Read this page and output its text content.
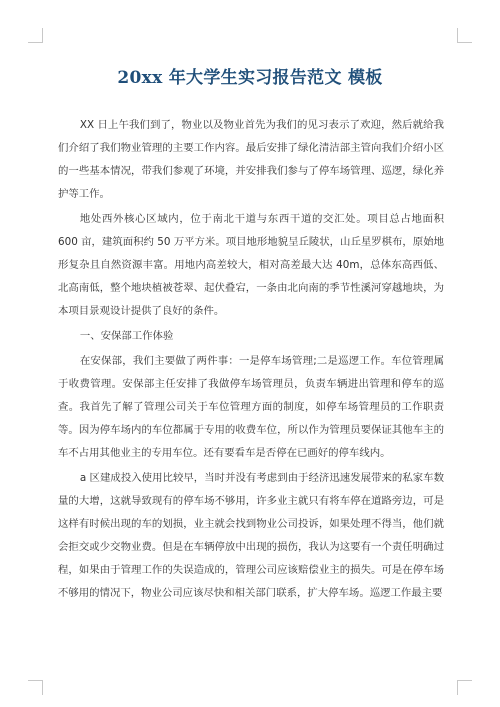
20xx 年大学生实习报告范文 模板

XX 日上午我们到了，物业以及物业首先为我们的见习表示了欢迎，然后就给我们介绍了我们物业管理的主要工作内容。最后安排了绿化清洁部主管向我们介绍小区的一些基本情况，带我们参观了环境，并安排我们参与了停车场管理、巡逻，绿化养护等工作。

地处西外核心区域内，位于南北干道与东西干道的交汇处。项目总占地面积 600 亩，建筑面积约 50 万平方米。项目地形地貌呈丘陵状，山丘星罗棋布，原始地形复杂且自然资源丰富。用地内高差较大，相对高差最大达 40m，总体东高西低、北高南低，整个地块植被苍翠、起伏叠宕，一条由北向南的季节性溪河穿越地块，为本项目景观设计提供了良好的条件。

一、安保部工作体验

在安保部，我们主要做了两件事：一是停车场管理;二是巡逻工作。车位管理属于收费管理。安保部主任安排了我做停车场管理员，负责车辆进出管理和停车的巡查。我首先了解了管理公司关于车位管理方面的制度，如停车场管理员的工作职责等。因为停车场内的车位都属于专用的收费车位，所以作为管理员要保证其他车主的车不占用其他业主的专用车位。还有要看车是否停在已画好的停车线内。

a 区建成投入使用比较早，当时并没有考虑到由于经济迅速发展带来的私家车数量的大增，这就导致现有的停车场不够用，许多业主就只有将车停在道路旁边，可是这样有时候出现的车的划损，业主就会找到物业公司投诉，如果处理不得当，他们就会拒交或少交物业费。但是在车辆停放中出现的损伤，我认为这要有一个责任明确过程，如果由于管理工作的失误造成的，管理公司应该赔偿业主的损失。可是在停车场不够用的情况下，物业公司应该尽快和相关部门联系，扩大停车场。巡逻工作最主要
